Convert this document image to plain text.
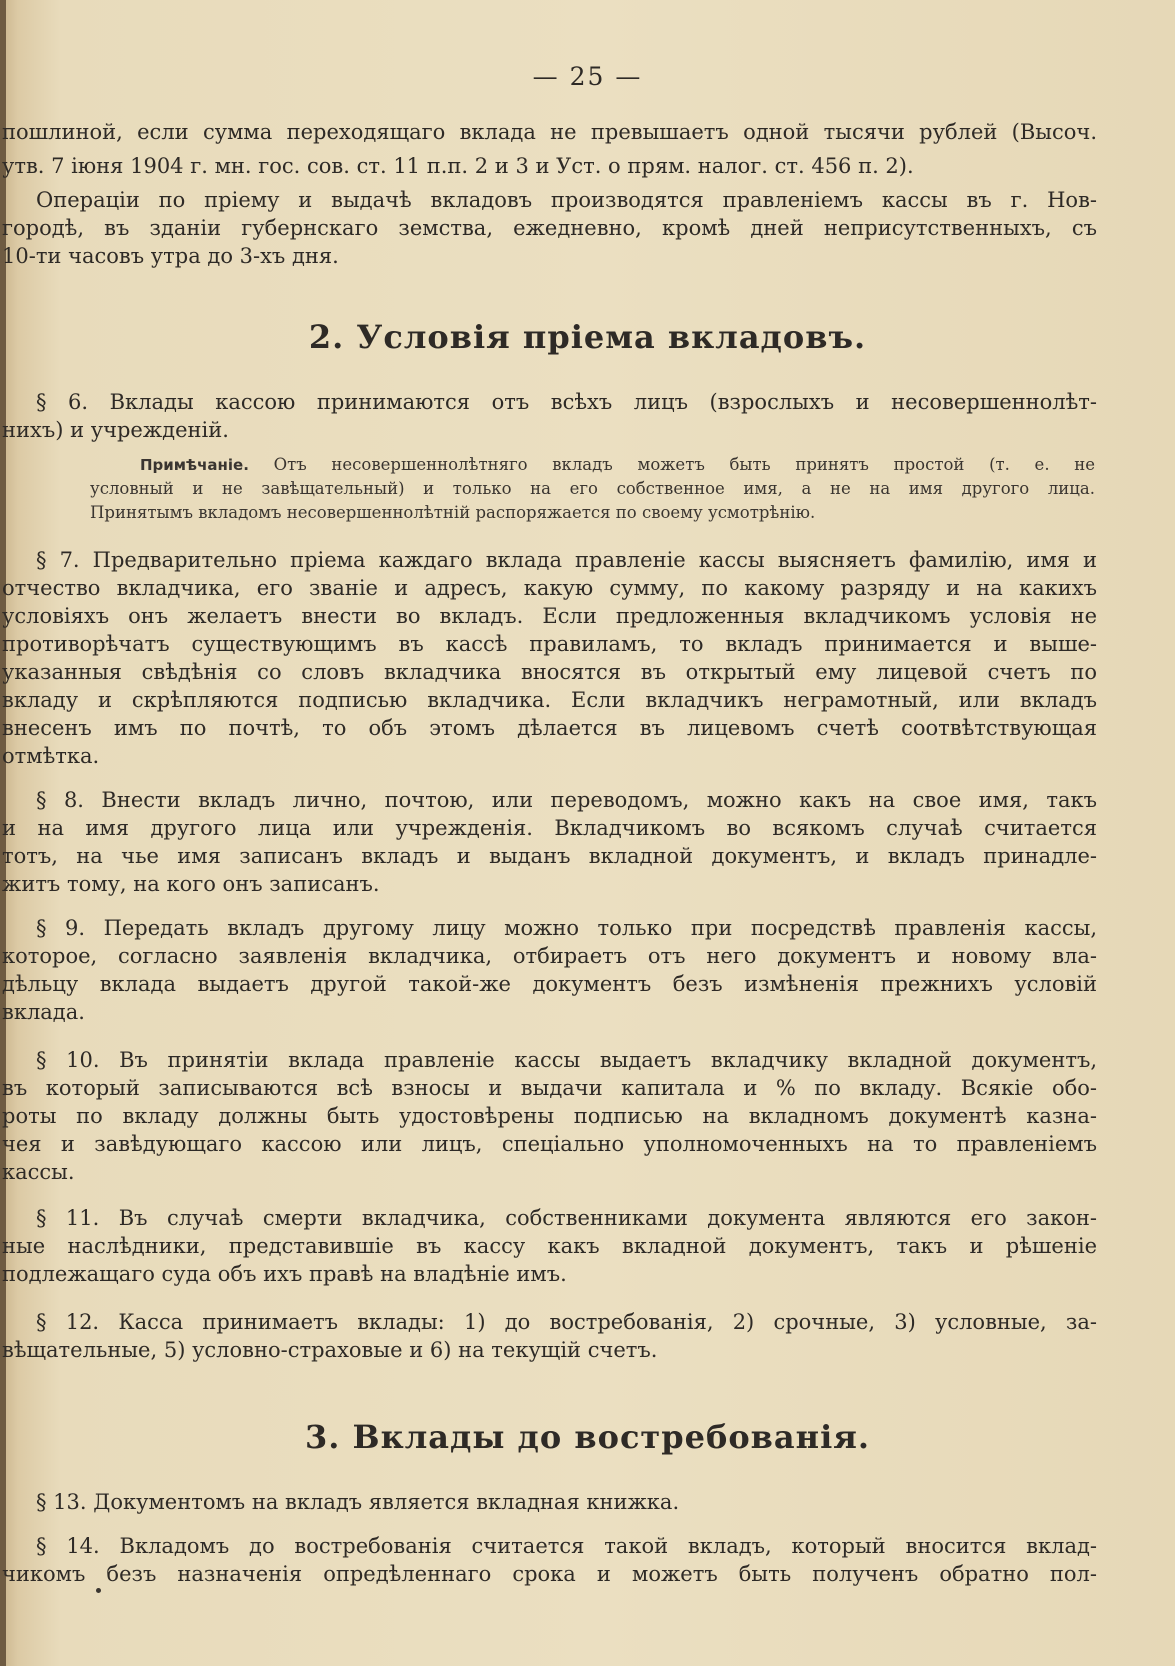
— 25 —
пошлиной, если сумма переходящаго вклада не превышаетъ одной тысячи рублей (Высоч.
утв. 7 іюня 1904 г. мн. гос. сов. ст. 11 п.п. 2 и 3 и Уст. о прям. налог. ст. 456 п. 2).
Операціи по пріему и выдачѣ вкладовъ производятся правленіемъ кассы въ г. Нов-
городѣ, въ зданіи губернскаго земства, ежедневно, кромѣ дней неприсутственныхъ, съ
10-ти часовъ утра до 3-хъ дня.
2. Условія пріема вкладовъ.
§ 6. Вклады кассою принимаются отъ всѣхъ лицъ (взрослыхъ и несовершеннолѣт-
нихъ) и учрежденій.
Примѣчаніе. Отъ несовершеннолѣтняго вкладъ можетъ быть принятъ простой (т. е. не
условный и не завѣщательный) и только на его собственное имя, а не на имя другого лица.
Принятымъ вкладомъ несовершеннолѣтній распоряжается по своему усмотрѣнію.
§ 7. Предварительно пріема каждаго вклада правленіе кассы выясняетъ фамилію, имя и
отчество вкладчика, его званіе и адресъ, какую сумму, по какому разряду и на какихъ
условіяхъ онъ желаетъ внести во вкладъ. Если предложенныя вкладчикомъ условія не
противорѣчатъ существующимъ въ кассѣ правиламъ, то вкладъ принимается и выше-
указанныя свѣдѣнія со словъ вкладчика вносятся въ открытый ему лицевой счетъ по
вкладу и скрѣпляются подписью вкладчика. Если вкладчикъ неграмотный, или вкладъ
внесенъ имъ по почтѣ, то объ этомъ дѣлается въ лицевомъ счетѣ соотвѣтствующая
отмѣтка.
§ 8. Внести вкладъ лично, почтою, или переводомъ, можно какъ на свое имя, такъ
и на имя другого лица или учрежденія. Вкладчикомъ во всякомъ случаѣ считается
тотъ, на чье имя записанъ вкладъ и выданъ вкладной документъ, и вкладъ принадле-
житъ тому, на кого онъ записанъ.
§ 9. Передать вкладъ другому лицу можно только при посредствѣ правленія кассы,
которое, согласно заявленія вкладчика, отбираетъ отъ него документъ и новому вла-
дѣльцу вклада выдаетъ другой такой-же документъ безъ измѣненія прежнихъ условій
вклада.
§ 10. Въ принятіи вклада правленіе кассы выдаетъ вкладчику вкладной документъ,
въ который записываются всѣ взносы и выдачи капитала и % по вкладу. Всякіе обо-
роты по вкладу должны быть удостовѣрены подписью на вкладномъ документѣ казна-
чея и завѣдующаго кассою или лицъ, спеціально уполномоченныхъ на то правленіемъ
кассы.
§ 11. Въ случаѣ смерти вкладчика, собственниками документа являются его закон-
ные наслѣдники, представившіе въ кассу какъ вкладной документъ, такъ и рѣшеніе
подлежащаго суда объ ихъ правѣ на владѣніе имъ.
§ 12. Касса принимаетъ вклады: 1) до востребованія, 2) срочные, 3) условные, за-
вѣщательные, 5) условно-страховые и 6) на текущій счетъ.
3. Вклады до востребованія.
§ 13. Документомъ на вкладъ является вкладная книжка.
§ 14. Вкладомъ до востребованія считается такой вкладъ, который вносится вклад-
чикомъ безъ назначенія опредѣленнаго срока и можетъ быть полученъ обратно пол-
